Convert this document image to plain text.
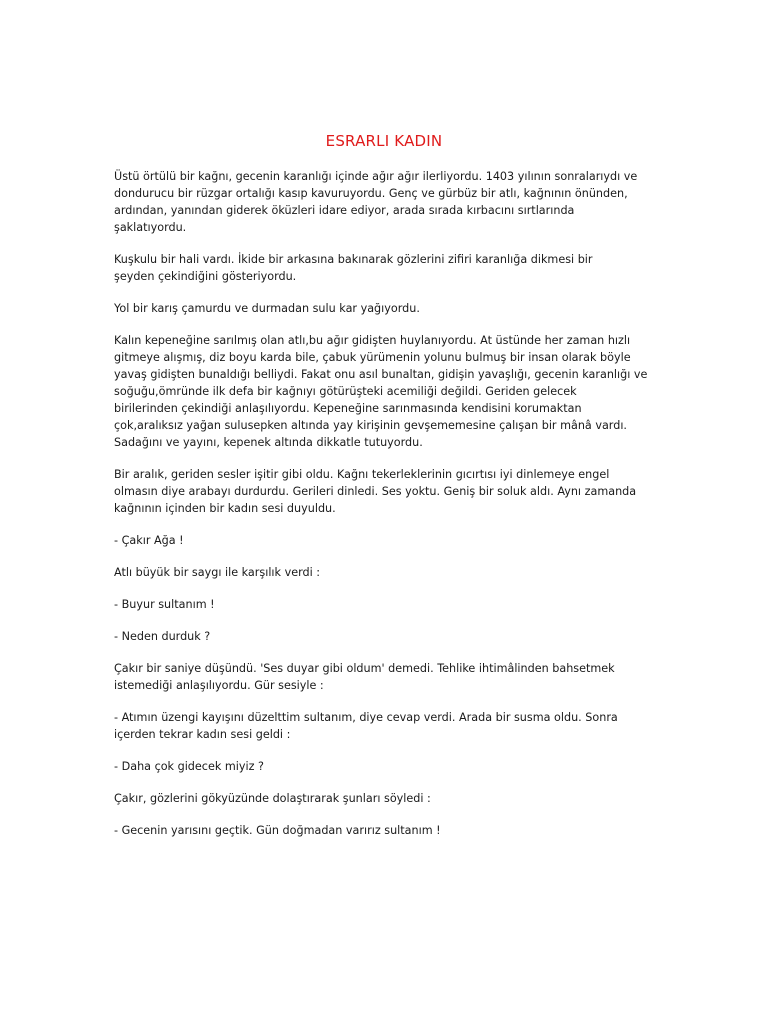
ESRARLI KADIN
Üstü örtülü bir kağnı, gecenin karanlığı içinde ağır ağır ilerliyordu. 1403 yılının sonralarıydı ve
dondurucu bir rüzgar ortalığı kasıp kavuruyordu. Genç ve gürbüz bir atlı, kağnının önünden,
ardından, yanından giderek öküzleri idare ediyor, arada sırada kırbacını sırtlarında
şaklatıyordu.
Kuşkulu bir hali vardı. İkide bir arkasına bakınarak gözlerini zifiri karanlığa dikmesi bir
şeyden çekindiğini gösteriyordu.
Yol bir karış çamurdu ve durmadan sulu kar yağıyordu.
Kalın kepeneğine sarılmış olan atlı,bu ağır gidişten huylanıyordu. At üstünde her zaman hızlı
gitmeye alışmış, diz boyu karda bile, çabuk yürümenin yolunu bulmuş bir insan olarak böyle
yavaş gidişten bunaldığı belliydi. Fakat onu asıl bunaltan, gidişin yavaşlığı, gecenin karanlığı ve
soğuğu,ömründe ilk defa bir kağnıyı götürüşteki acemiliği değildi. Geriden gelecek
birilerinden çekindiği anlaşılıyordu. Kepeneğine sarınmasında kendisini korumaktan
çok,aralıksız yağan sulusepken altında yay kirişinin gevşememesine çalışan bir mânâ vardı.
Sadağını ve yayını, kepenek altında dikkatle tutuyordu.
Bir aralık, geriden sesler işitir gibi oldu. Kağnı tekerleklerinin gıcırtısı iyi dinlemeye engel
olmasın diye arabayı durdurdu. Gerileri dinledi. Ses yoktu. Geniş bir soluk aldı. Aynı zamanda
kağnının içinden bir kadın sesi duyuldu.
- Çakır Ağa !
Atlı büyük bir saygı ile karşılık verdi :
- Buyur sultanım !
- Neden durduk ?
Çakır bir saniye düşündü. 'Ses duyar gibi oldum' demedi. Tehlike ihtimâlinden bahsetmek
istemediği anlaşılıyordu. Gür sesiyle :
- Atımın üzengi kayışını düzelttim sultanım, diye cevap verdi. Arada bir susma oldu. Sonra
içerden tekrar kadın sesi geldi :
- Daha çok gidecek miyiz ?
Çakır, gözlerini gökyüzünde dolaştırarak şunları söyledi :
- Gecenin yarısını geçtik. Gün doğmadan varırız sultanım !
